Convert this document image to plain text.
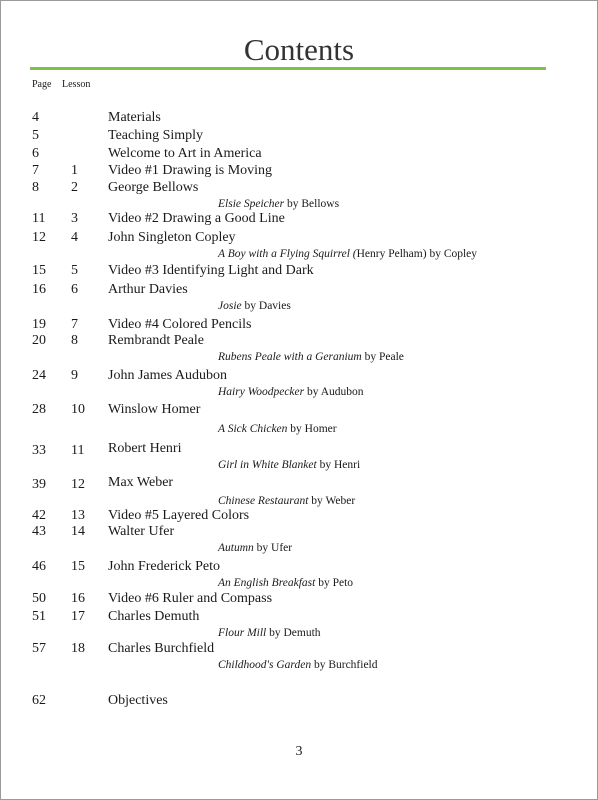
Contents
Page Lesson
4	Materials
5	Teaching Simply
6	Welcome to Art in America
7 1 Video #1 Drawing is Moving
8 2 George Bellows
Elsie Speicher by Bellows
11 3 Video #2 Drawing a Good Line
12 4 John Singleton Copley
A Boy with a Flying Squirrel (Henry Pelham) by Copley
15 5 Video #3 Identifying Light and Dark
16 6 Arthur Davies
Josie by Davies
19 7 Video #4 Colored Pencils
20 8 Rembrandt Peale
Rubens Peale with a Geranium by Peale
24 9 John James Audubon
Hairy Woodpecker by Audubon
28 10 Winslow Homer
A Sick Chicken by Homer
33 11 Robert Henri
Girl in White Blanket by Henri
39 12 Max Weber
Chinese Restaurant by Weber
42 13 Video #5 Layered Colors
43 14 Walter Ufer
Autumn by Ufer
46 15 John Frederick Peto
An English Breakfast by Peto
50 16 Video #6 Ruler and Compass
51 17 Charles Demuth
Flour Mill by Demuth
57 18 Charles Burchfield
Childhood's Garden by Burchfield
62	Objectives
3
